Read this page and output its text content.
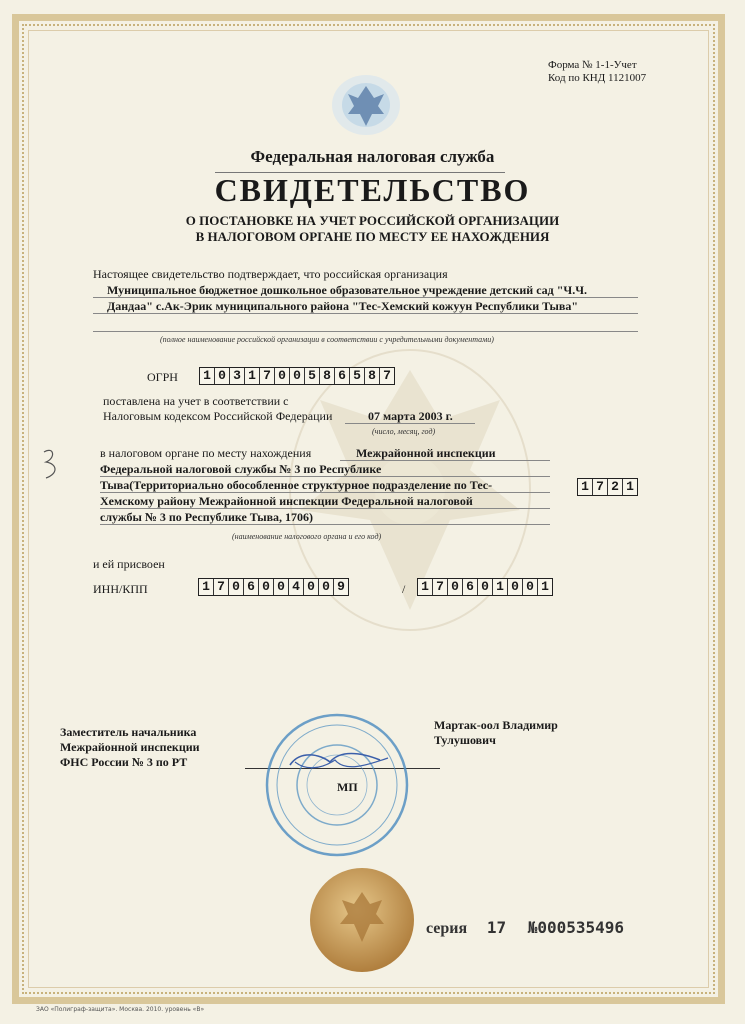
Форма № 1-1-Учет
Код по КНД 1121007
Федеральная налоговая служба
СВИДЕТЕЛЬСТВО
О ПОСТАНОВКЕ НА УЧЕТ РОССИЙСКОЙ ОРГАНИЗАЦИИ
В НАЛОГОВОМ ОРГАНЕ ПО МЕСТУ ЕЕ НАХОЖДЕНИЯ
Настоящее свидетельство подтверждает, что российская организация
Муниципальное бюджетное дошкольное образовательное учреждение детский сад "Ч.Ч.
Дандаа" с.Ак-Эрик муниципального района "Тес-Хемский кожуун Республики Тыва"
(полное наименование российской организации в соответствии с учредительными документами)
ОГРН 1 0 3 1 7 0 0 5 8 6 5 8 7
поставлена на учет в соответствии с
Налоговым кодексом Российской Федерации	07 марта 2003 г.
(число, месяц, год)
в налоговом органе по месту нахождения	Межрайонной инспекции
Федеральной налоговой службы № 3 по Республике
Тыва(Территориально обособленное структурное подразделение по Тес-
Хемскому району Межрайонной инспекции Федеральной налоговой
службы № 3 по Республике Тыва, 1706)
1 7 2 1
(наименование налогового органа и его код)
и ей присвоен
ИНН/КПП	1 7 0 6 0 0 4 0 0 9	/ 1 7 0 6 0 1 0 0 1
Заместитель начальника
Межрайонной инспекции
ФНС России № 3 по РТ
Мартак-оол Владимир
Тулушович
МП
серия 17 №000535496
ЗАО «Полиграф-защита». Москва. 2010. уровень «В»
